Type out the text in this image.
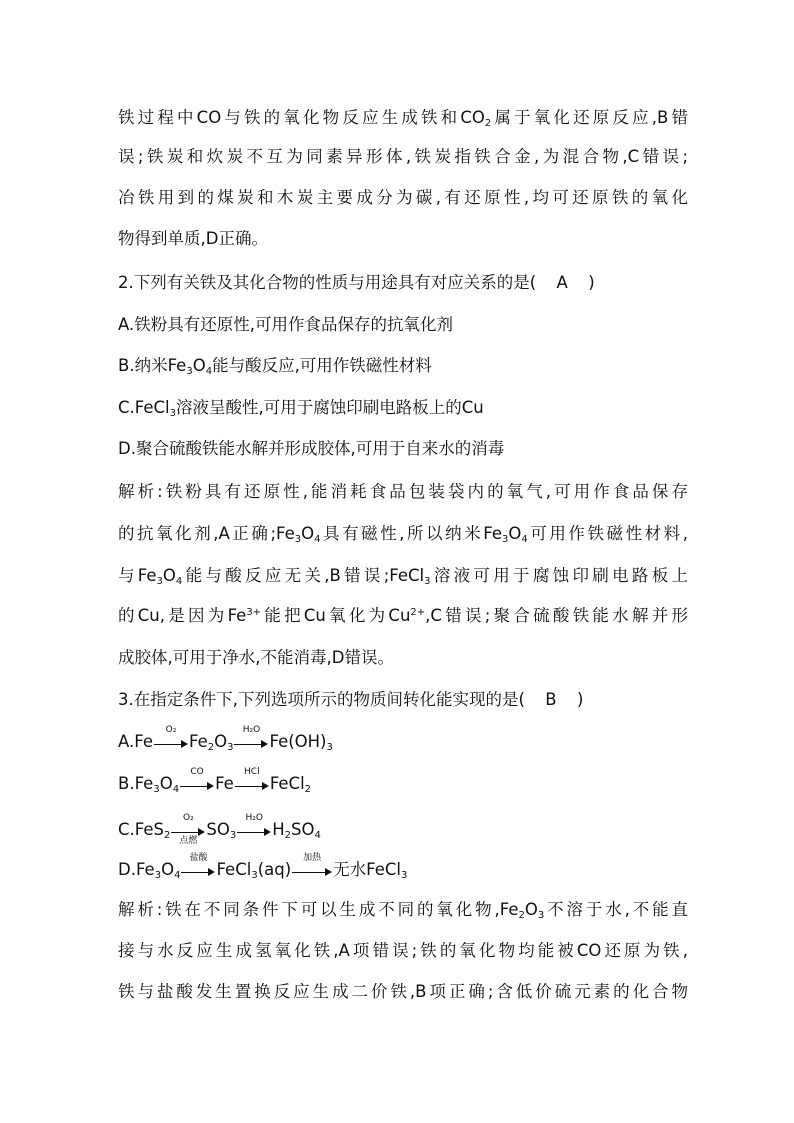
铁过程中CO与铁的氧化物反应生成铁和$CO_2$属于氧化还原反应,B错
误;铁炭和炊炭不互为同素异形体,铁炭指铁合金,为混合物,C错误;
冶铁用到的煤炭和木炭主要成分为碳,有还原性,均可还原铁的氧化
物得到单质,D正确。
2.下列有关铁及其化合物的性质与用途具有对应关系的是( A )
A.铁粉具有还原性,可用作食品保存的抗氧化剂
B.纳米$Fe_3O_4$能与酸反应,可用作铁磁性材料
C.FeCl$_3$溶液呈酸性,可用于腐蚀印刷电路板上的Cu
D.聚合硫酸铁能水解并形成胶体,可用于自来水的消毒
解析:铁粉具有还原性,能消耗食品包装袋内的氧气,可用作食品保存
的抗氧化剂,A正确$;Fe_3O_4$具有磁性,所以纳米$Fe_3O_4$可用作铁磁性材料,
与$Fe_3O_4$能与酸反应无关,B错误;FeCl$_3$溶液可用于腐蚀印刷电路板上
的Cu,是因为$Fe^{3+}$能把Cu氧化为$Cu^{2+},C$错误;聚合硫酸铁能水解并形
成胶体,可用于净水,不能消毒,D错误。
3.在指定条件下,下列选项所示的物质间转化能实现的是( B )
A.Fe
O₂
$Fe_2O_3$
H₂O
$Fe(OH)_3$
$B.Fe_3O_4$
CO
Fe
HCl
FeCl$_2$
C.FeS$_2$
O₂
点燃
$SO_3$
H₂O
$H_2SO_4$
$D.Fe_3O_4$
盐酸
FeCl$_3$(aq)
加热
无水FeCl$_3$
解析:铁在不同条件下可以生成不同的氧化物$,Fe_2O_3$不溶于水,不能直
接与水反应生成氢氧化铁,A项错误;铁的氧化物均能被CO还原为铁,
铁与盐酸发生置换反应生成二价铁,B项正确;含低价硫元素的化合物
